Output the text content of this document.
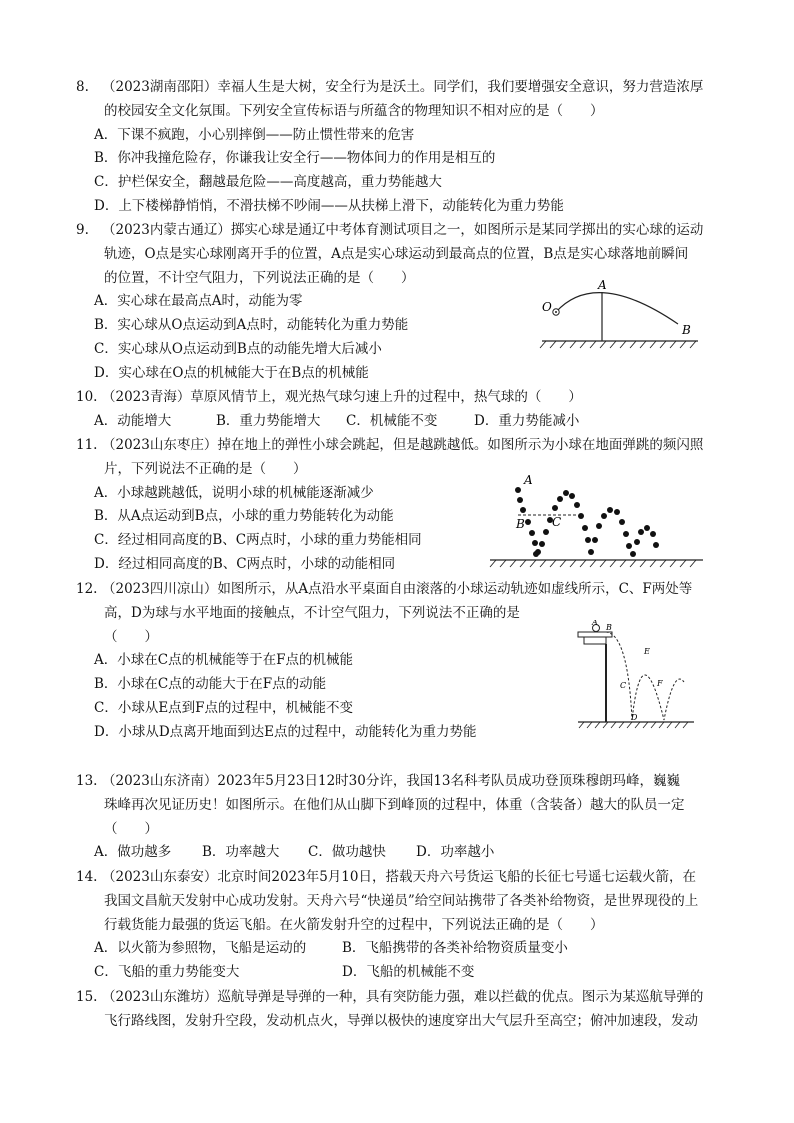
8. （2023湖南邵阳）幸福人生是大树，安全行为是沃土。同学们，我们要增强安全意识，努力营造浓厚
的校园安全文化氛围。下列安全宣传标语与所蕴含的物理知识不相对应的是（　　）
A．下课不疯跑，小心别摔倒——防止惯性带来的危害
B．你冲我撞危险存，你谦我让安全行——物体间力的作用是相互的
C．护栏保安全，翻越最危险——高度越高，重力势能越大
D．上下楼梯静悄悄，不滑扶梯不吵闹——从扶梯上滑下，动能转化为重力势能
9. （2023内蒙古通辽）掷实心球是通辽中考体育测试项目之一，如图所示是某同学掷出的实心球的运动
轨迹，O点是实心球刚离开手的位置，A点是实心球运动到最高点的位置，B点是实心球落地前瞬间
的位置，不计空气阻力，下列说法正确的是（　　）
A．实心球在最高点A时，动能为零
B．实心球从O点运动到A点时，动能转化为重力势能
C．实心球从O点运动到B点的动能先增大后减小
D．实心球在O点的机械能大于在B点的机械能
O
A
B
10. （2023青海）草原风情节上，观光热气球匀速上升的过程中，热气球的（　　）
A．动能增大	B．重力势能增大 C．机械能不变	D．重力势能减小
11. （2023山东枣庄）掉在地上的弹性小球会跳起，但是越跳越低。如图所示为小球在地面弹跳的频闪照
片，下列说法不正确的是（　　）
A．小球越跳越低，说明小球的机械能逐渐减少
B．从A点运动到B点，小球的重力势能转化为动能
C．经过相同高度的B、C两点时，小球的重力势能相同
D．经过相同高度的B、C两点时，小球的动能相同
A
B C
12. （2023四川凉山）如图所示，从A点沿水平桌面自由滚落的小球运动轨迹如虚线所示，C、F两处等
高，D为球与水平地面的接触点，不计空气阻力，下列说法不正确的是
（　　）
A．小球在C点的机械能等于在F点的机械能
B．小球在C点的动能大于在F点的动能
C．小球从E点到F点的过程中，机械能不变
D．小球从D点离开地面到达E点的过程中，动能转化为重力势能
A
B
C
D
E
F
13. （2023山东济南）2023年5月23日12时30分许，我国13名科考队员成功登顶珠穆朗玛峰，巍巍
珠峰再次见证历史！如图所示。在他们从山脚下到峰顶的过程中，体重（含装备）越大的队员一定
（　　）
A．做功越多 B．功率越大 C．做功越快 D．功率越小
14. （2023山东泰安）北京时间2023年5月10日，搭载天舟六号货运飞船的长征七号遥七运载火箭，在
我国文昌航天发射中心成功发射。天舟六号“快递员”给空间站携带了各类补给物资，是世界现役的上
行载货能力最强的货运飞船。在火箭发射升空的过程中，下列说法正确的是（　　）
A．以火箭为参照物，飞船是运动的	B．飞船携带的各类补给物资质量变小
C．飞船的重力势能变大	D．飞船的机械能不变
15. （2023山东潍坊）巡航导弹是导弹的一种，具有突防能力强，难以拦截的优点。图示为某巡航导弹的
飞行路线图，发射升空段，发动机点火，导弹以极快的速度穿出大气层升至高空；俯冲加速段，发动
